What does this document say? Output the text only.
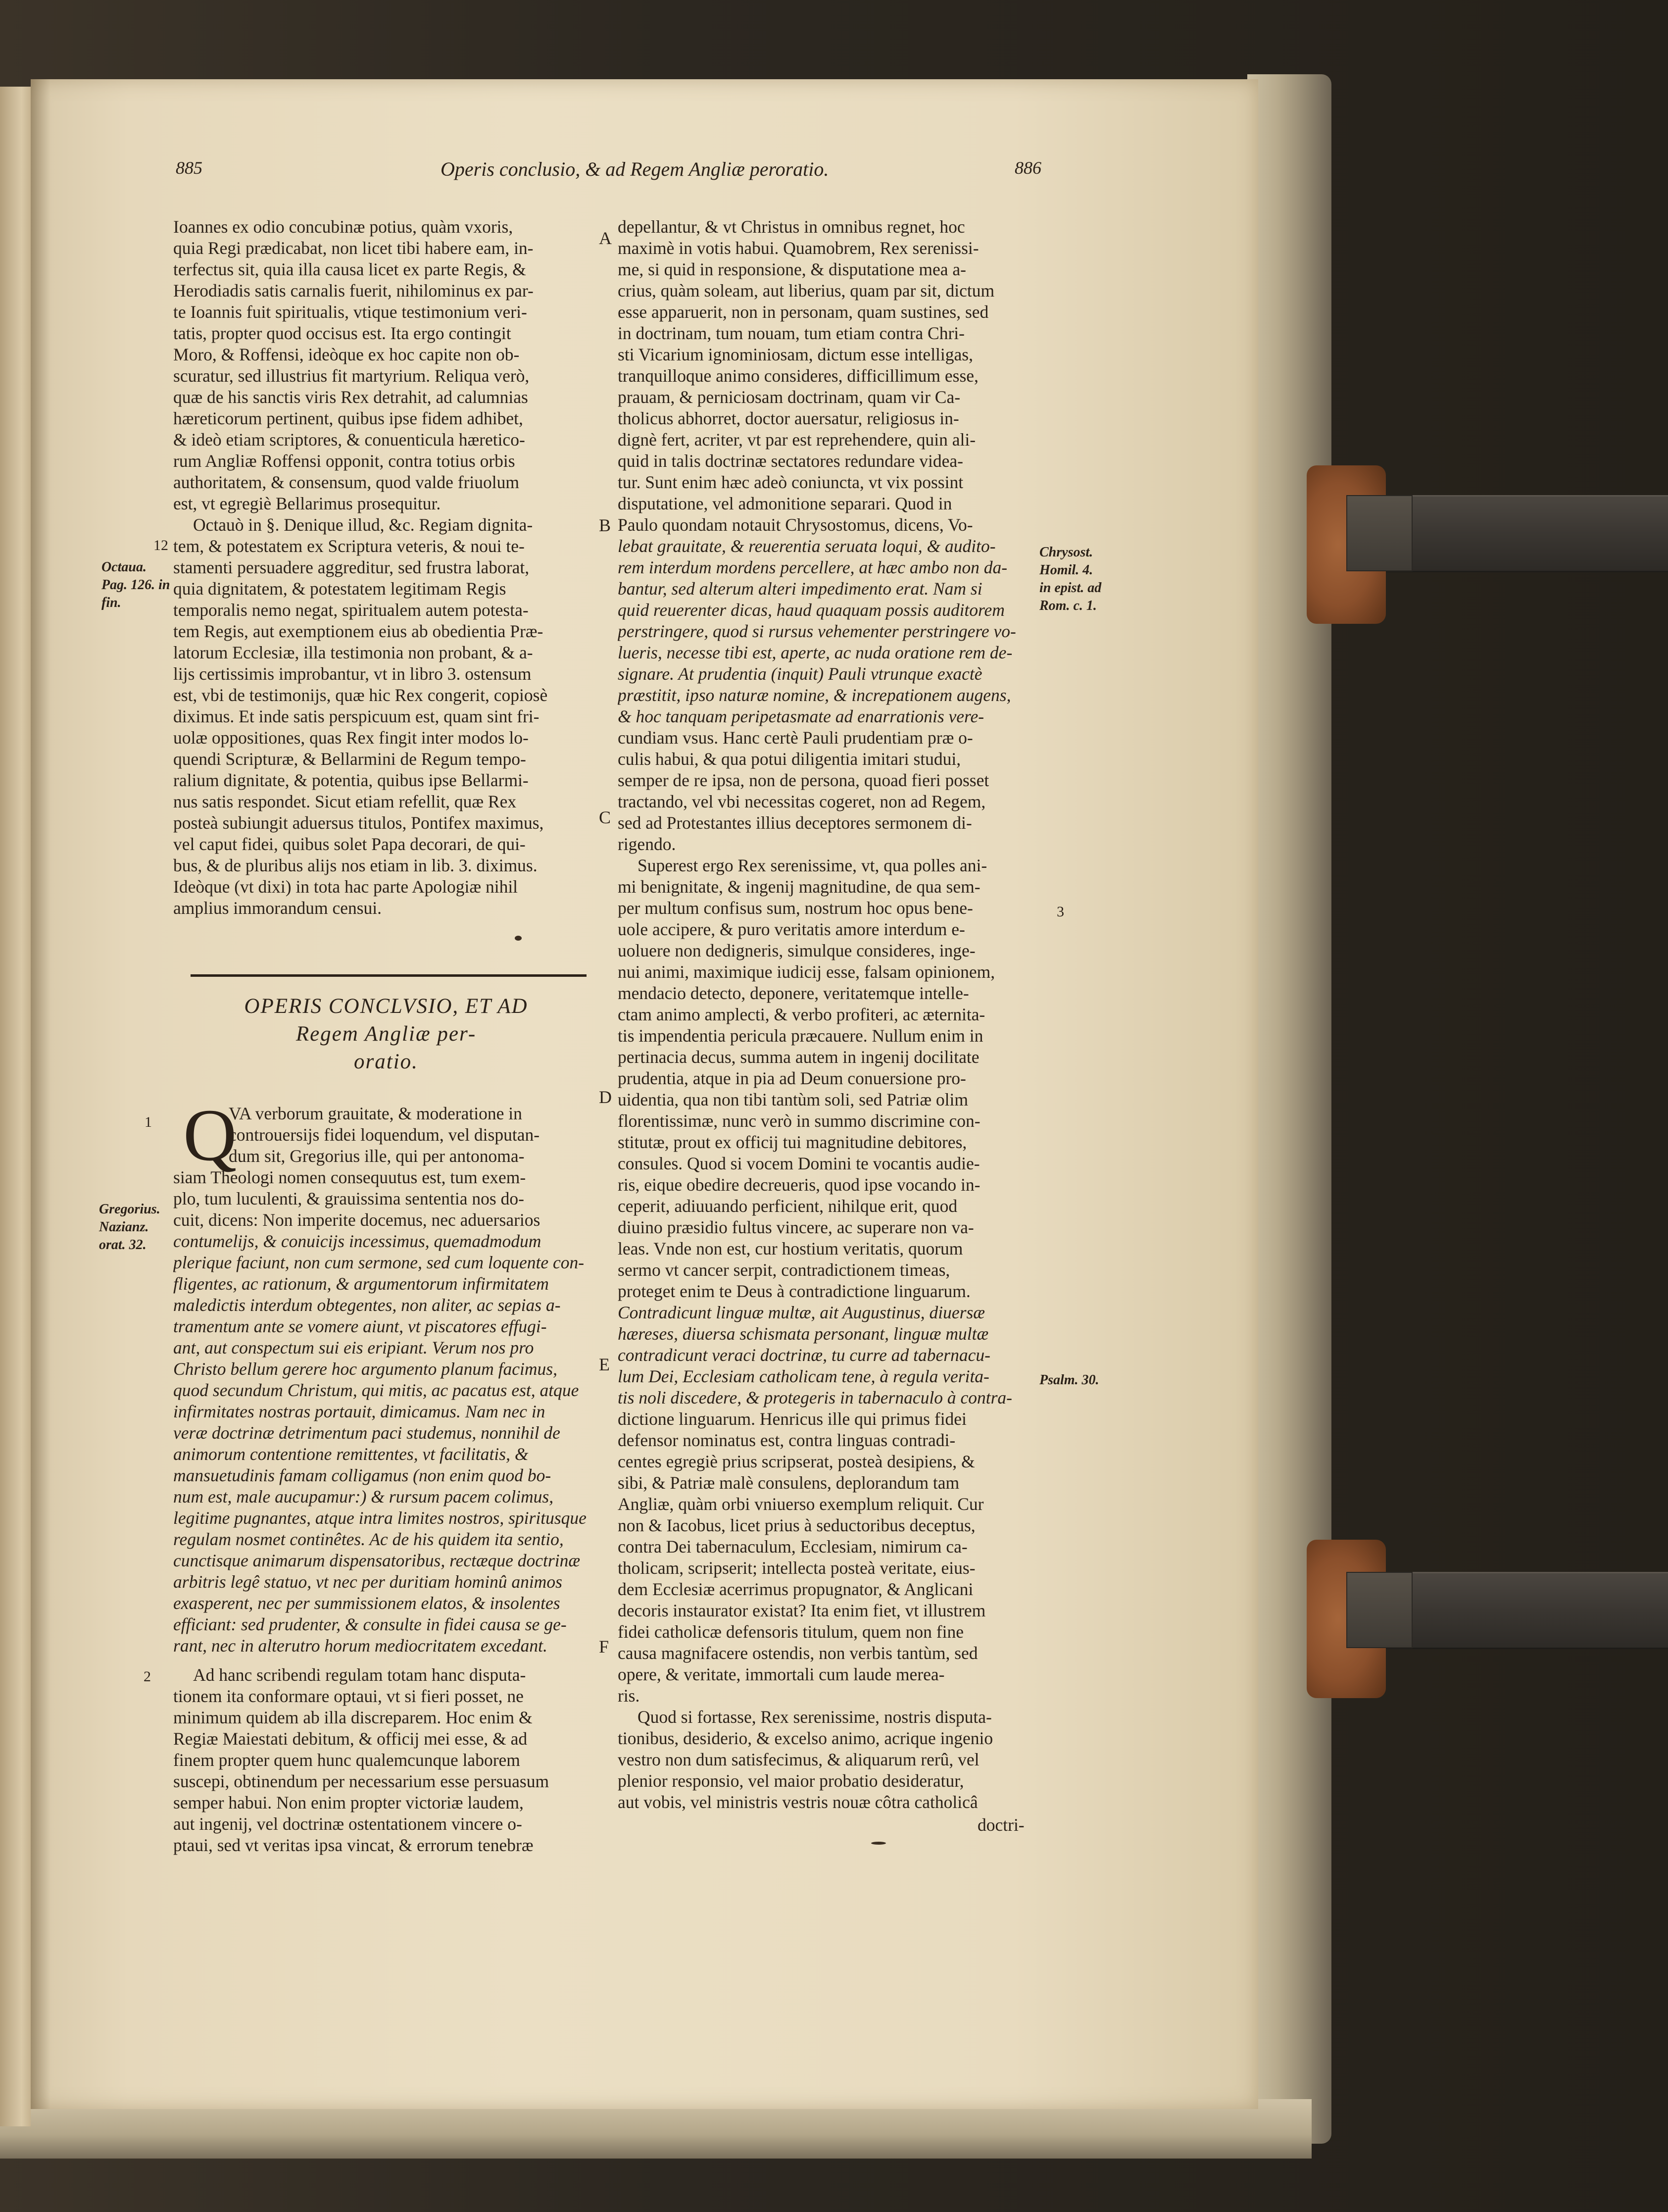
885	Operis conclusio, & ad Regem Angliæ peroratio.	886
Ioannes ex odio concubinæ potius, quàm vxoris,
quia Regi prædicabat, non licet tibi habere eam, in-
terfectus sit, quia illa causa licet ex parte Regis, &
Herodiadis satis carnalis fuerit, nihilominus ex par-
te Ioannis fuit spiritualis, vtique testimonium veri-
tatis, propter quod occisus est. Ita ergo contingit
Moro, & Roffensi, ideòque ex hoc capite non ob-
scuratur, sed illustrius fit martyrium. Reliqua verò,
quæ de his sanctis viris Rex detrahit, ad calumnias
hæreticorum pertinent, quibus ipse fidem adhibet,
& ideò etiam scriptores, & conuenticula hæretico-
rum Angliæ Roffensi opponit, contra totius orbis
authoritatem, & consensum, quod valde friuolum
est, vt egregiè Bellarimus prosequitur.
Octauò in §. Denique illud, &c. Regiam dignita-
tem, & potestatem ex Scriptura veteris, & noui te-
stamenti persuadere aggreditur, sed frustra laborat,
quia dignitatem, & potestatem legitimam Regis
temporalis nemo negat, spiritualem autem potesta-
tem Regis, aut exemptionem eius ab obedientia Præ-
latorum Ecclesiæ, illa testimonia non probant, & a-
lijs certissimis improbantur, vt in libro 3. ostensum
est, vbi de testimonijs, quæ hic Rex congerit, copiosè
diximus. Et inde satis perspicuum est, quam sint fri-
uolæ oppositiones, quas Rex fingit inter modos lo-
quendi Scripturæ, & Bellarmini de Regum tempo-
ralium dignitate, & potentia, quibus ipse Bellarmi-
nus satis respondet. Sicut etiam refellit, quæ Rex
posteà subiungit aduersus titulos, Pontifex maximus,
vel caput fidei, quibus solet Papa decorari, de qui-
bus, & de pluribus alijs nos etiam in lib. 3. diximus.
Ideòque (vt dixi) in tota hac parte Apologiæ nihil
amplius immorandum censui.
OPERIS CONCLVSIO, ET AD
Regem Angliæ per-
oratio.
Q
VA verborum grauitate, & moderatione in
controuersijs fidei loquendum, vel disputan-
dum sit, Gregorius ille, qui per antonoma-
siam Theologi nomen consequutus est, tum exem-
plo, tum luculenti, & grauissima sententia nos do-
cuit, dicens: Non imperite docemus, nec aduersarios
contumelijs, & conuicijs incessimus, quemadmodum
plerique faciunt, non cum sermone, sed cum loquente con-
fligentes, ac rationum, & argumentorum infirmitatem
maledictis interdum obtegentes, non aliter, ac sepias a-
tramentum ante se vomere aiunt, vt piscatores effugi-
ant, aut conspectum sui eis eripiant. Verum nos pro
Christo bellum gerere hoc argumento planum facimus,
quod secundum Christum, qui mitis, ac pacatus est, atque
infirmitates nostras portauit, dimicamus. Nam nec in
veræ doctrinæ detrimentum paci studemus, nonnihil de
animorum contentione remittentes, vt facilitatis, &
mansuetudinis famam colligamus (non enim quod bo-
num est, male aucupamur:) & rursum pacem colimus,
legitime pugnantes, atque intra limites nostros, spiritusque
regulam nosmet continêtes. Ac de his quidem ita sentio,
cunctisque animarum dispensatoribus, rectæque doctrinæ
arbitris legê statuo, vt nec per duritiam hominû animos
exasperent, nec per summissionem elatos, & insolentes
efficiant: sed prudenter, & consulte in fidei causa se ge-
rant, nec in alterutro horum mediocritatem excedant.
Ad hanc scribendi regulam totam hanc disputa-
tionem ita conformare optaui, vt si fieri posset, ne
minimum quidem ab illa discreparem. Hoc enim &
Regiæ Maiestati debitum, & officij mei esse, & ad
finem propter quem hunc qualemcunque laborem
suscepi, obtinendum per necessarium esse persuasum
semper habui. Non enim propter victoriæ laudem,
aut ingenij, vel doctrinæ ostentationem vincere o-
ptaui, sed vt veritas ipsa vincat, & errorum tenebræ
depellantur, & vt Christus in omnibus regnet, hoc
maximè in votis habui. Quamobrem, Rex serenissi-
me, si quid in responsione, & disputatione mea a-
crius, quàm soleam, aut liberius, quam par sit, dictum
esse apparuerit, non in personam, quam sustines, sed
in doctrinam, tum nouam, tum etiam contra Chri-
sti Vicarium ignominiosam, dictum esse intelligas,
tranquilloque animo consideres, difficillimum esse,
prauam, & perniciosam doctrinam, quam vir Ca-
tholicus abhorret, doctor auersatur, religiosus in-
dignè fert, acriter, vt par est reprehendere, quin ali-
quid in talis doctrinæ sectatores redundare videa-
tur. Sunt enim hæc adeò coniuncta, vt vix possint
disputatione, vel admonitione separari. Quod in
Paulo quondam notauit Chrysostomus, dicens, Vo-
lebat grauitate, & reuerentia seruata loqui, & audito-
rem interdum mordens percellere, at hæc ambo non da-
bantur, sed alterum alteri impedimento erat. Nam si
quid reuerenter dicas, haud quaquam possis auditorem
perstringere, quod si rursus vehementer perstringere vo-
lueris, necesse tibi est, aperte, ac nuda oratione rem de-
signare. At prudentia (inquit) Pauli vtrunque exactè
præstitit, ipso naturæ nomine, & increpationem augens,
& hoc tanquam peripetasmate ad enarrationis vere-
cundiam vsus. Hanc certè Pauli prudentiam præ o-
culis habui, & qua potui diligentia imitari studui,
semper de re ipsa, non de persona, quoad fieri posset
tractando, vel vbi necessitas cogeret, non ad Regem,
sed ad Protestantes illius deceptores sermonem di-
rigendo.
Superest ergo Rex serenissime, vt, qua polles ani-
mi benignitate, & ingenij magnitudine, de qua sem-
per multum confisus sum, nostrum hoc opus bene-
uole accipere, & puro veritatis amore interdum e-
uoluere non dedigneris, simulque consideres, inge-
nui animi, maximique iudicij esse, falsam opinionem,
mendacio detecto, deponere, veritatemque intelle-
ctam animo amplecti, & verbo profiteri, ac æternita-
tis impendentia pericula præcauere. Nullum enim in
pertinacia decus, summa autem in ingenij docilitate
prudentia, atque in pia ad Deum conuersione pro-
uidentia, qua non tibi tantùm soli, sed Patriæ olim
florentissimæ, nunc verò in summo discrimine con-
stitutæ, prout ex officij tui magnitudine debitores,
consules. Quod si vocem Domini te vocantis audie-
ris, eique obedire decreueris, quod ipse vocando in-
ceperit, adiuuando perficient, nihilque erit, quod
diuino præsidio fultus vincere, ac superare non va-
leas. Vnde non est, cur hostium veritatis, quorum
sermo vt cancer serpit, contradictionem timeas,
proteget enim te Deus à contradictione linguarum.
Contradicunt linguæ multæ, ait Augustinus, diuersæ
hæreses, diuersa schismata personant, linguæ multæ
contradicunt veraci doctrinæ, tu curre ad tabernacu-
lum Dei, Ecclesiam catholicam tene, à regula verita-
tis noli discedere, & protegeris in tabernaculo à contra-
dictione linguarum. Henricus ille qui primus fidei
defensor nominatus est, contra linguas contradi-
centes egregiè prius scripserat, posteà desipiens, &
sibi, & Patriæ malè consulens, deplorandum tam
Angliæ, quàm orbi vniuerso exemplum reliquit. Cur
non & Iacobus, licet prius à seductoribus deceptus,
contra Dei tabernaculum, Ecclesiam, nimirum ca-
tholicam, scripserit; intellecta posteà veritate, eius-
dem Ecclesiæ acerrimus propugnator, & Anglicani
decoris instaurator existat? Ita enim fiet, vt illustrem
fidei catholicæ defensoris titulum, quem non fine
causa magnifacere ostendis, non verbis tantùm, sed
opere, & veritate, immortali cum laude merea-
ris.
Quod si fortasse, Rex serenissime, nostris disputa-
tionibus, desiderio, & excelso animo, acrique ingenio
vestro non dum satisfecimus, & aliquarum rerû, vel
plenior responsio, vel maior probatio desideratur,
aut vobis, vel ministris vestris nouæ côtra catholicâ
doctri-
A
B
C
D
E
F
12
3
1
2
Octaua.
Pag. 126. in
fin.
Gregorius.
Nazianz.
orat. 32.
Chrysost.
Homil. 4.
in epist. ad
Rom. c. 1.
Psalm. 30.
